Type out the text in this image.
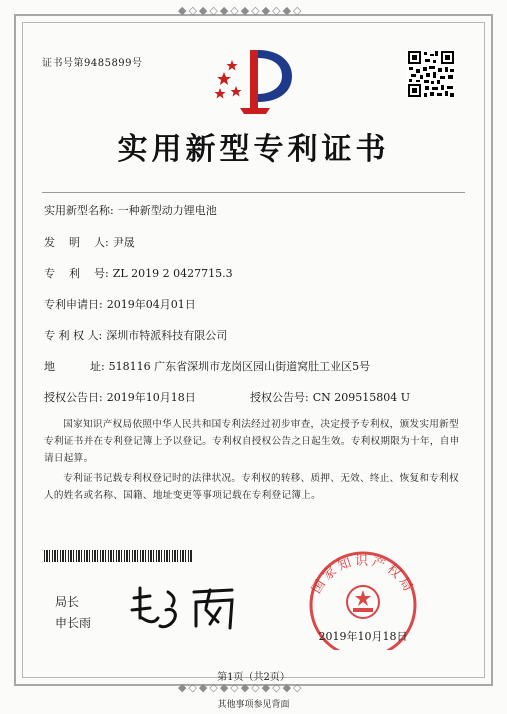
◆◇◆◇◆◇◆◇◆◇◆◇
◆◇◆◇◆◇◆◇◆◇◆◇
证书号第9485899号
实用新型专利证书
实用新型名称: 一种新型动力锂电池
发    明    人: 尹晟
专    利    号: ZL 2019 2 0427715.3
专利申请日: 2019年04月01日
专 利 权 人: 深圳市特派科技有限公司
地          址: 518116 广东省深圳市龙岗区园山街道窝肚工业区5号
授权公告日: 2019年10月18日	授权公告号: CN 209515804 U

国家知识产权局依照中华人民共和国专利法经过初步审查，决定授予专利权，颁发实用新型专利证书并在专利登记簿上予以登记。专利权自授权公告之日起生效。专利权期限为十年，自申请日起算。

专利证书记载专利权登记时的法律状况。专利权的转移、质押、无效、终止、恢复和专利权人的姓名或名称、国籍、地址变更等事项记载在专利登记簿上。

局长
申长雨
国家知识产权局
2019年10月18日
第1页（共2页）
其他事项参见背面
